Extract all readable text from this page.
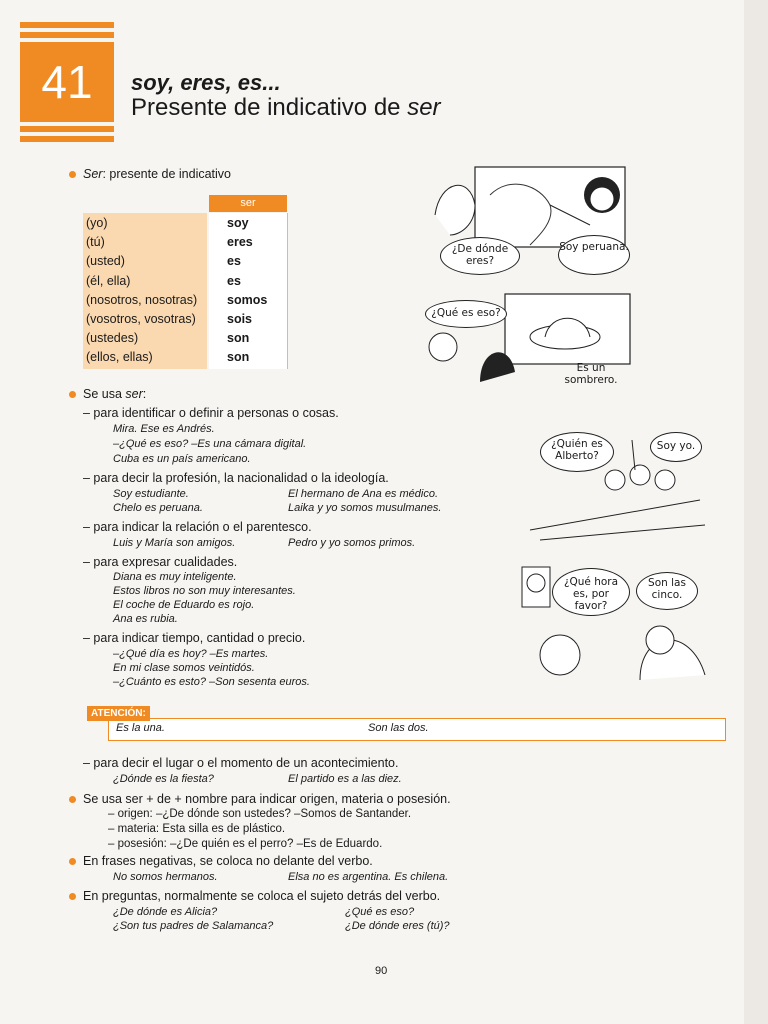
41	soy, eres, es...
Presente de indicativo de ser
Ser: presente de indicativo
ser
(yo)	soy
(tú)	eres
(usted)	es
(él, ella)	es
(nosotros, nosotras) somos
(vosotros, vosotras) sois
(ustedes)	son
(ellos, ellas)	son
Se usa ser:
– para identificar o definir a personas o cosas.
Mira. Ese es Andrés.
–¿Qué es eso? –Es una cámara digital.
Cuba es un país americano.
– para decir la profesión, la nacionalidad o la ideología.
Soy estudiante.	El hermano de Ana es médico.
Chelo es peruana.	Laika y yo somos musulmanes.
– para indicar la relación o el parentesco.
Luis y María son amigos.	Pedro y yo somos primos.
– para expresar cualidades.
Diana es muy inteligente.
Estos libros no son muy interesantes.
El coche de Eduardo es rojo.
Ana es rubia.
– para indicar tiempo, cantidad o precio.
–¿Qué día es hoy? –Es martes.
En mi clase somos veintidós.
–¿Cuánto es esto? –Son sesenta euros.
ATENCIÓN:
Es la una.	Son las dos.
– para decir el lugar o el momento de un acontecimiento.
¿Dónde es la fiesta?	El partido es a las diez.
Se usa ser + de + nombre para indicar origen, materia o posesión.
– origen: –¿De dónde son ustedes? –Somos de Santander.
– materia: Esta silla es de plástico.
– posesión: –¿De quién es el perro? –Es de Eduardo.
En frases negativas, se coloca no delante del verbo.
No somos hermanos.	Elsa no es argentina. Es chilena.
En preguntas, normalmente se coloca el sujeto detrás del verbo.
¿De dónde es Alicia?	¿Qué es eso?
¿Son tus padres de Salamanca?	¿De dónde eres (tú)?
¿De dónde eres?
Soy peruana.
¿Qué es eso?
Es un sombrero.
¿Quién es Alberto?
Soy yo.
¿Qué hora es, por favor?
Son las cinco.
90
